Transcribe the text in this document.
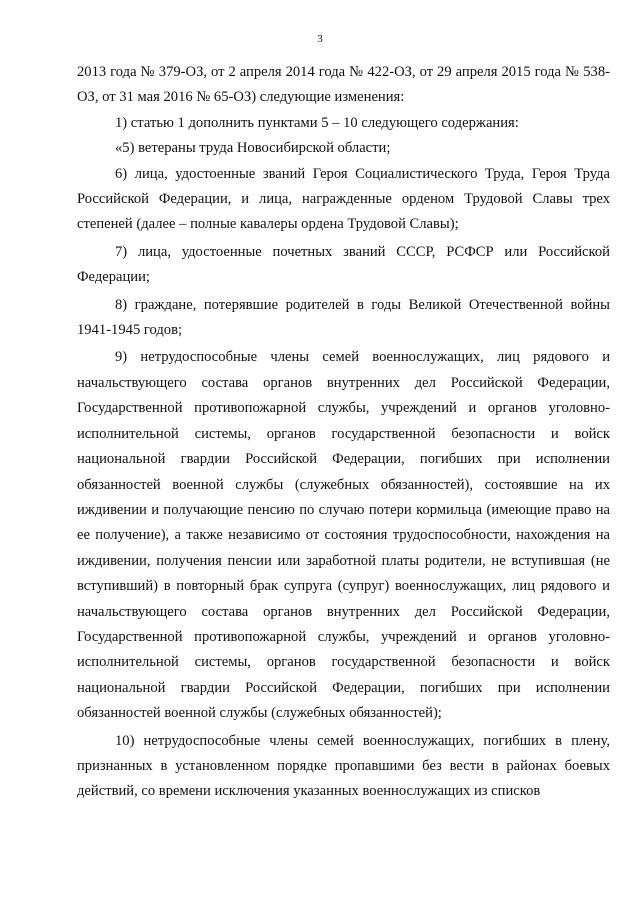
3

2013 года № 379-ОЗ, от 2 апреля 2014 года № 422-ОЗ, от 29 апреля 2015 года № 538-ОЗ, от 31 мая 2016 № 65-ОЗ) следующие изменения:

1) статью 1 дополнить пунктами 5 – 10 следующего содержания:

«5) ветераны труда Новосибирской области;

6) лица, удостоенные званий Героя Социалистического Труда, Героя Труда Российской Федерации, и лица, награжденные орденом Трудовой Славы трех степеней (далее – полные кавалеры ордена Трудовой Славы);

7) лица, удостоенные почетных званий СССР, РСФСР или Российской Федерации;

8) граждане, потерявшие родителей в годы Великой Отечественной войны 1941-1945 годов;

9) нетрудоспособные члены семей военнослужащих, лиц рядового и начальствующего состава органов внутренних дел Российской Федерации, Государственной противопожарной службы, учреждений и органов уголовно-исполнительной системы, органов государственной безопасности и войск национальной гвардии Российской Федерации, погибших при исполнении обязанностей военной службы (служебных обязанностей), состоявшие на их иждивении и получающие пенсию по случаю потери кормильца (имеющие право на ее получение), а также независимо от состояния трудоспособности, нахождения на иждивении, получения пенсии или заработной платы родители, не вступившая (не вступивший) в повторный брак супруга (супруг) военнослужащих, лиц рядового и начальствующего состава органов внутренних дел Российской Федерации, Государственной противопожарной службы, учреждений и органов уголовно-исполнительной системы, органов государственной безопасности и войск национальной гвардии Российской Федерации, погибших при исполнении обязанностей военной службы (служебных обязанностей);

10) нетрудоспособные члены семей военнослужащих, погибших в плену, признанных в установленном порядке пропавшими без вести в районах боевых действий, со времени исключения указанных военнослужащих из списков
